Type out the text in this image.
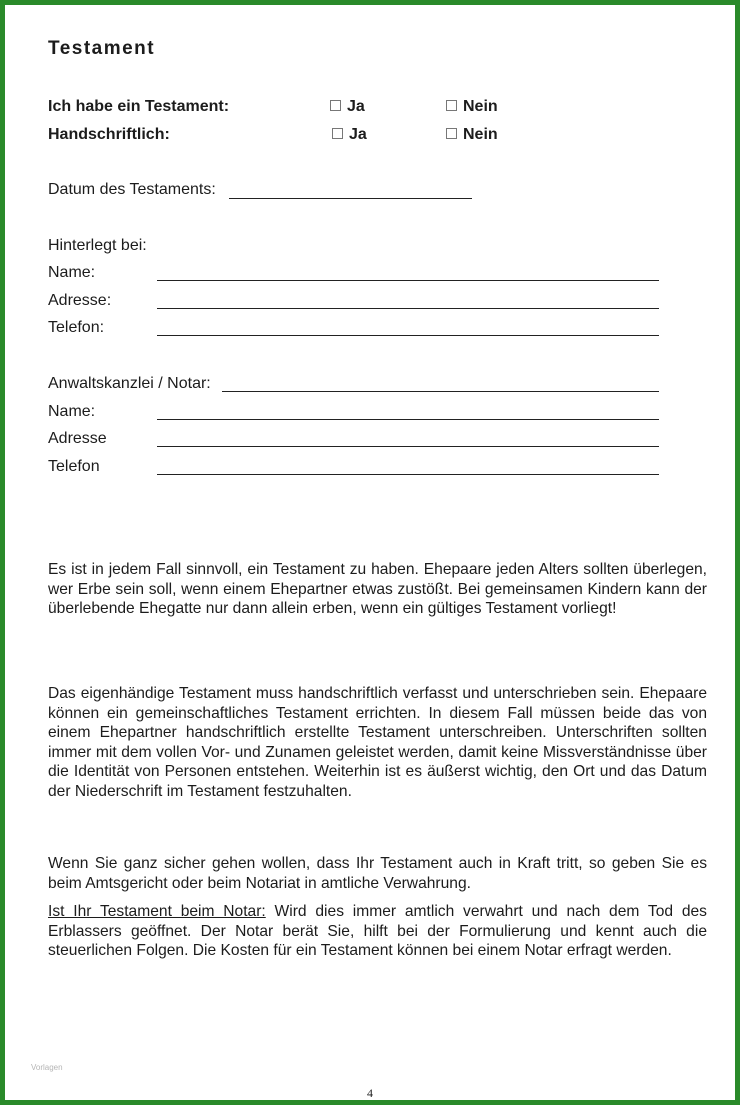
Testament
Ich habe ein Testament:	Ja	Nein
Handschriftlich:	Ja	Nein
Datum des Testaments:
Hinterlegt bei:
Name:
Adresse:
Telefon:
Anwaltskanzlei / Notar:
Name:
Adresse
Telefon
Es ist in jedem Fall sinnvoll, ein Testament zu haben. Ehepaare jeden Alters sollten überlegen, wer Erbe sein soll, wenn einem Ehepartner etwas zustößt. Bei gemeinsamen Kindern kann der überlebende Ehegatte nur dann allein erben, wenn ein gültiges Testament vorliegt!
Das eigenhändige Testament muss handschriftlich verfasst und unterschrieben sein. Ehepaare können ein gemeinschaftliches Testament errichten. In diesem Fall müssen beide das von einem Ehepartner handschriftlich erstellte Testament unterschreiben. Unterschriften sollten immer mit dem vollen Vor- und Zunamen geleistet werden, damit keine Missverständnisse über die Identität von Personen entstehen. Weiterhin ist es äußerst wichtig, den Ort und das Datum der Niederschrift im Testament festzuhalten.
Wenn Sie ganz sicher gehen wollen, dass Ihr Testament auch in Kraft tritt, so geben Sie es beim Amtsgericht oder beim Notariat in amtliche Verwahrung.
Ist Ihr Testament beim Notar: Wird dies immer amtlich verwahrt und nach dem Tod des Erblassers geöffnet. Der Notar berät Sie, hilft bei der Formulierung und kennt auch die steuerlichen Folgen. Die Kosten für ein Testament können bei einem Notar erfragt werden.
Vorlagen
4
